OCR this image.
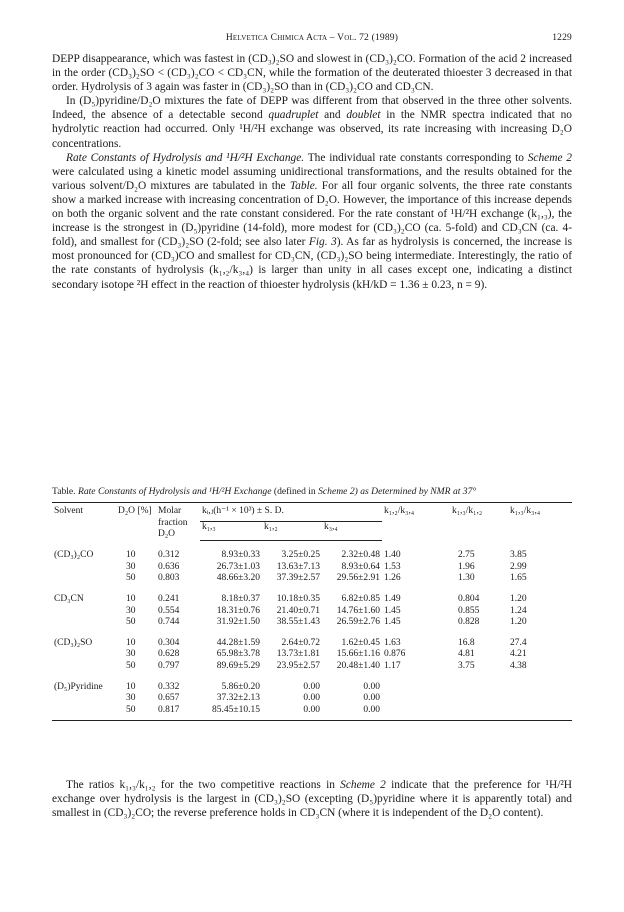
Helvetica Chimica Acta – Vol. 72 (1989)	1229

DEPP disappearance, which was fastest in (CD₃)₂SO and slowest in (CD₃)₂CO. Formation of the acid 2 increased in the order (CD₃)₂SO < (CD₃)₂CO < CD₃CN, while the formation of the deuterated thioester 3 decreased in that order. Hydrolysis of 3 again was faster in (CD₃)₂SO than in (CD₃)₂CO and CD₃CN.

In (D₅)pyridine/D₂O mixtures the fate of DEPP was different from that observed in the three other solvents. Indeed, the absence of a detectable second quadruplet and doublet in the NMR spectra indicated that no hydrolytic reaction had occurred. Only ¹H/²H exchange was observed, its rate increasing with increasing D₂O concentrations.

Rate Constants of Hydrolysis and ¹H/²H Exchange. The individual rate constants corresponding to Scheme 2 were calculated using a kinetic model assuming unidirectional transformations, and the results obtained for the various solvent/D₂O mixtures are tabulated in the Table. For all four organic solvents, the three rate constants show a marked increase with increasing concentration of D₂O. However, the importance of this increase depends on both the organic solvent and the rate constant considered. For the rate constant of ¹H/²H exchange (k₁,₃), the increase is the strongest in (D₅)pyridine (14-fold), more modest for (CD₃)₂CO (ca. 5-fold) and CD₃CN (ca. 4-fold), and smallest for (CD₃)₂SO (2-fold; see also later Fig. 3). As far as hydrolysis is concerned, the increase is most pronounced for (CD₃)CO and smallest for CD₃CN, (CD₃)₂SO being intermediate. Interestingly, the ratio of the rate constants of hydrolysis (k₁,₂/k₃,₄) is larger than unity in all cases except one, indicating a distinct secondary isotope ²H effect in the reaction of thioester hydrolysis (kH/kD = 1.36 ± 0.23, n = 9).

Table. Rate Constants of Hydrolysis and ¹H/²H Exchange (defined in Scheme 2) as Determined by NMR at 37°
Solvent	D₂O [%]	Molar fraction D₂O	kᵢ,ⱼ(h⁻¹ × 10³) ± S. D.			k₁,₂/k₃,₄	k₁,₃/k₁,₂	k₁,₃/k₃,₄
			k₁,₃	k₁,₂	k₃,₄			

(CD₃)₂CO	10	0.312	8.93±0.33	3.25±0.25	2.32±0.48	1.40	2.75	3.85
	30	0.636	26.73±1.03	13.63±7.13	8.93±0.64	1.53	1.96	2.99
	50	0.803	48.66±3.20	37.39±2.57	29.56±2.91	1.26	1.30	1.65

CD₃CN	10	0.241	8.18±0.37	10.18±0.35	6.82±0.85	1.49	0.804	1.20
	30	0.554	18.31±0.76	21.40±0.71	14.76±1.60	1.45	0.855	1.24
	50	0.744	31.92±1.50	38.55±1.43	26.59±2.76	1.45	0.828	1.20

(CD₃)₂SO	10	0.304	44.28±1.59	2.64±0.72	1.62±0.45	1.63	16.8	27.4
	30	0.628	65.98±3.78	13.73±1.81	15.66±1.16	0.876	4.81	4.21
	50	0.797	89.69±5.29	23.95±2.57	20.48±1.40	1.17	3.75	4.38

(D₅)Pyridine	10	0.332	5.86±0.20	0.00	0.00			
	30	0.657	37.32±2.13	0.00	0.00			
	50	0.817	85.45±10.15	0.00	0.00			

The ratios k₁,₃/k₁,₂ for the two competitive reactions in Scheme 2 indicate that the preference for ¹H/²H exchange over hydrolysis is the largest in (CD₃)₂SO (excepting (D₅)pyridine where it is apparently total) and smallest in (CD₃)₂CO; the reverse preference holds in CD₃CN (where it is independent of the D₂O content).
